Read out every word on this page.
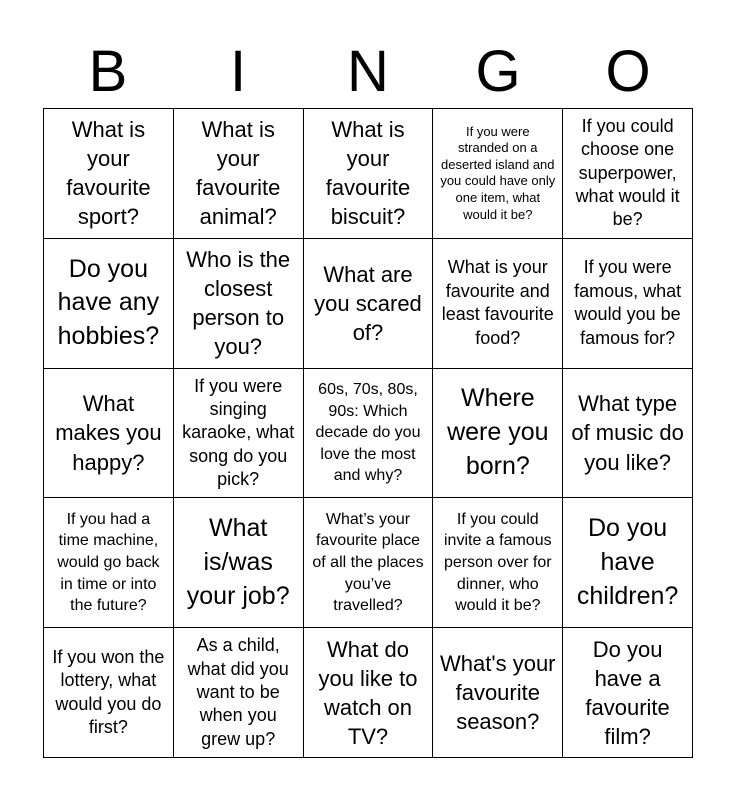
B	I	N	G	O
What is your favourite sport?
What is your favourite animal?
What is your favourite biscuit?
If you were stranded on a deserted island and you could have only one item, what would it be?
If you could choose one superpower, what would it be?
Do you have any hobbies?
Who is the closest person to you?
What are you scared of?
What is your favourite and least favourite food?
If you were famous, what would you be famous for?
What makes you happy?
If you were singing karaoke, what song do you pick?
60s, 70s, 80s, 90s: Which decade do you love the most and why?
Where were you born?
What type of music do you like?
If you had a time machine, would go back in time or into the future?
What is/was your job?
What’s your favourite place of all the places you’ve travelled?
If you could invite a famous person over for dinner, who would it be?
Do you have children?
If you won the lottery, what would you do first?
As a child, what did you want to be when you grew up?
What do you like to watch on TV?
What's your favourite season?
Do you have a favourite film?
